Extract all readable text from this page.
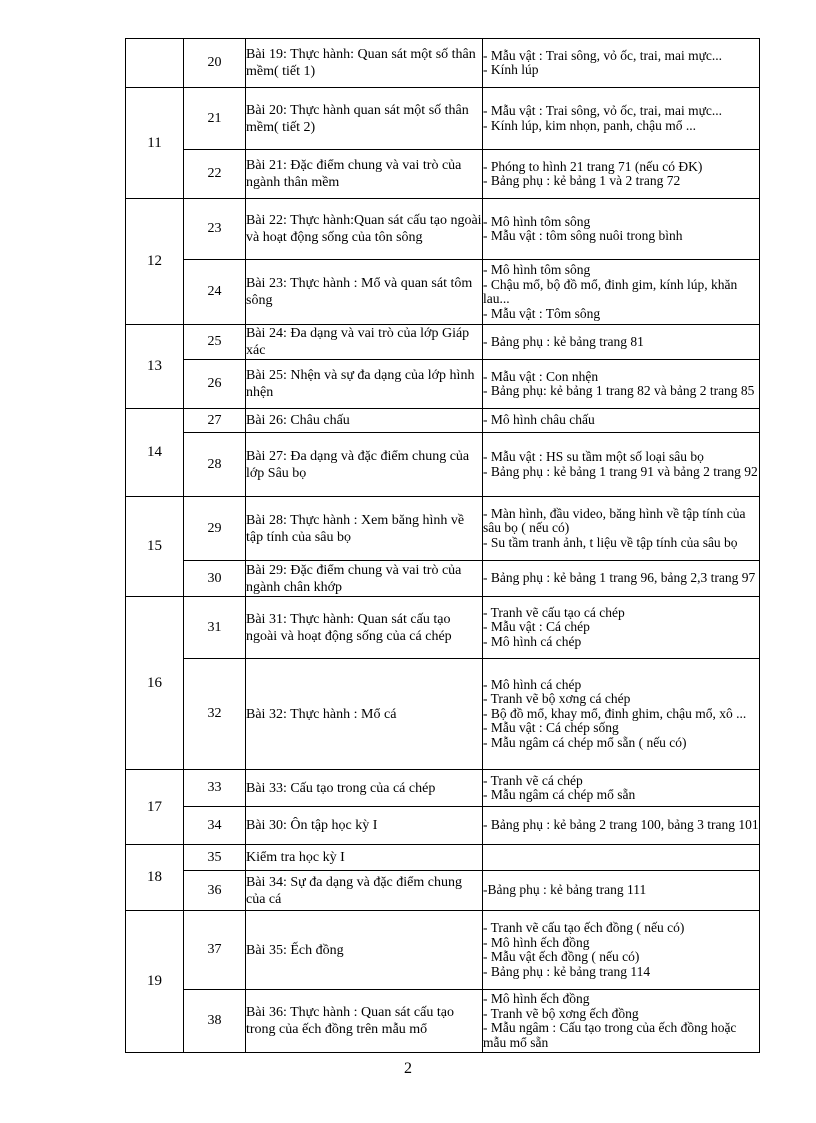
	20	Bài 19: Thực hành: Quan sát một số thân mềm( tiết 1)	- Mẫu vật : Trai sông, vỏ ốc, trai, mai mực...
- Kính lúp

11	21	Bài 20: Thực hành quan sát một số thân mềm( tiết 2)	- Mẫu vật : Trai sông, vỏ ốc, trai, mai mực...
- Kính lúp, kim nhọn, panh, chậu mổ ...

	22	Bài 21: Đặc điểm chung và vai trò của ngành thân mềm	- Phóng to hình 21 trang 71 (nếu có ĐK)
- Bảng phụ : kẻ bảng 1 và 2 trang 72

12	23	Bài 22: Thực hành:Quan sát cấu tạo ngoài và hoạt động sống của tôn sông	- Mô hình tôm sông
- Mẫu vật : tôm sông nuôi trong bình

	24	Bài 23: Thực hành : Mổ và quan sát tôm sông	- Mô hình tôm sông
- Chậu mổ, bộ đồ mổ, đinh gim, kính lúp, khăn lau...
- Mẫu vật : Tôm sông

13	25	Bài 24: Đa dạng và vai trò của lớp Giáp xác	- Bảng phụ : kẻ bảng trang 81

	26	Bài 25: Nhện và sự đa dạng của lớp hình nhện	- Mẫu vật : Con nhện
- Bảng phụ: kẻ bảng 1 trang 82 và bảng 2 trang 85

14	27	Bài 26: Châu chấu	- Mô hình châu chấu

	28	Bài 27: Đa dạng và đặc điểm chung của lớp Sâu bọ	- Mẫu vật : HS su tầm một số loại sâu bọ
- Bảng phụ : kẻ bảng 1 trang 91 và bảng 2 trang 92

15	29	Bài 28: Thực hành : Xem băng hình về tập tính của sâu bọ	- Màn hình, đầu video, băng hình về tập tính của sâu bọ ( nếu có)
- Su tầm tranh ảnh, t liệu về tập tính của sâu bọ

	30	Bài 29: Đặc điểm chung và vai trò của ngành chân khớp	- Bảng phụ : kẻ bảng 1 trang 96, bảng 2,3 trang 97

16	31	Bài 31: Thực hành: Quan sát cấu tạo ngoài và hoạt động sống của cá chép	- Tranh vẽ cấu tạo cá chép
- Mẫu vật : Cá chép
- Mô hình cá chép

	32	Bài 32: Thực hành : Mổ cá	- Mô hình cá chép
- Tranh vẽ bộ xơng cá chép
- Bộ đồ mổ, khay mổ, đinh ghim, chậu mổ, xô ...
- Mẫu vật : Cá chép sống
- Mẫu ngâm cá chép mổ sẵn ( nếu có)

17	33	Bài 33: Cấu tạo trong của cá chép	- Tranh vẽ cá chép
- Mẫu ngâm cá chép mổ sẵn

	34	Bài 30: Ôn tập học kỳ I	- Bảng phụ : kẻ bảng 2 trang 100, bảng 3 trang 101

18	35	Kiểm tra học kỳ I	
	36	Bài 34: Sự đa dạng và đặc điểm chung của cá	-Bảng phụ : kẻ bảng trang 111

19	37	Bài 35: Ếch đồng	- Tranh vẽ cấu tạo ếch đồng ( nếu có)
- Mô hình ếch đồng
- Mẫu vật ếch đồng ( nếu có)
- Bảng phụ : kẻ bảng trang 114

	38	Bài 36: Thực hành : Quan sát cấu tạo trong của ếch đồng trên mẫu mổ	- Mô hình ếch đồng
- Tranh vẽ bộ xơng ếch đồng
- Mẫu ngâm : Cấu tạo trong của ếch đồng hoặc mẫu mổ sẵn
2
